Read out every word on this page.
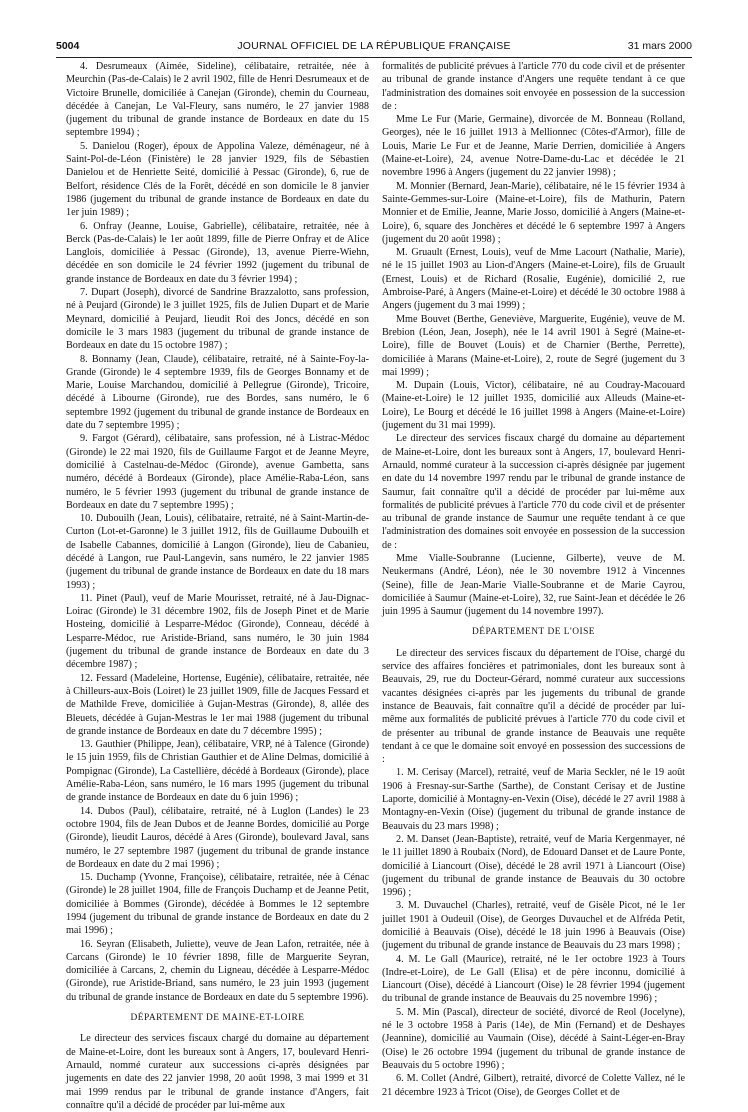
5004	JOURNAL OFFICIEL DE LA RÉPUBLIQUE FRANÇAISE	31 mars 2000

4. Desrumeaux (Aimée, Sideline), célibataire, retraitée, née à Meurchin (Pas-de-Calais) le 2 avril 1902, fille de Henri Desrumeaux et de Victoire Brunelle, domiciliée à Canejan (Gironde), chemin du Courneau, décédée à Canejan, Le Val-Fleury, sans numéro, le 27 janvier 1988 (jugement du tribunal de grande instance de Bordeaux en date du 15 septembre 1994) ;

5. Danielou (Roger), époux de Appolina Valeze, déménageur, né à Saint-Pol-de-Léon (Finistère) le 28 janvier 1929, fils de Sébastien Danielou et de Henriette Seité, domicilié à Pessac (Gironde), 6, rue de Belfort, résidence Clés de la Forêt, décédé en son domicile le 8 janvier 1986 (jugement du tribunal de grande instance de Bordeaux en date du 1er juin 1989) ;

6. Onfray (Jeanne, Louise, Gabrielle), célibataire, retraitée, née à Berck (Pas-de-Calais) le 1er août 1899, fille de Pierre Onfray et de Alice Langlois, domiciliée à Pessac (Gironde), 13, avenue Pierre-Wiehn, décédée en son domicile le 24 février 1992 (jugement du tribunal de grande instance de Bordeaux en date du 3 février 1994) ;

7. Dupart (Joseph), divorcé de Sandrine Brazzalotto, sans profession, né à Peujard (Gironde) le 3 juillet 1925, fils de Julien Dupart et de Marie Meynard, domicilié à Peujard, lieudit Roi des Joncs, décédé en son domicile le 3 mars 1983 (jugement du tribunal de grande instance de Bordeaux en date du 15 octobre 1987) ;

8. Bonnamy (Jean, Claude), célibataire, retraité, né à Sainte-Foy-la-Grande (Gironde) le 4 septembre 1939, fils de Georges Bonnamy et de Marie, Louise Marchandou, domicilié à Pellegrue (Gironde), Tricoire, décédé à Libourne (Gironde), rue des Bordes, sans numéro, le 6 septembre 1992 (jugement du tribunal de grande instance de Bordeaux en date du 7 septembre 1995) ;

9. Fargot (Gérard), célibataire, sans profession, né à Listrac-Médoc (Gironde) le 22 mai 1920, fils de Guillaume Fargot et de Jeanne Meyre, domicilié à Castelnau-de-Médoc (Gironde), avenue Gambetta, sans numéro, décédé à Bordeaux (Gironde), place Amélie-Raba-Léon, sans numéro, le 5 février 1993 (jugement du tribunal de grande instance de Bordeaux en date du 7 septembre 1995) ;

10. Dubouilh (Jean, Louis), célibataire, retraité, né à Saint-Martin-de-Curton (Lot-et-Garonne) le 3 juillet 1912, fils de Guillaume Dubouilh et de Isabelle Cabannes, domicilié à Langon (Gironde), lieu de Cabanieu, décédé à Langon, rue Paul-Langevin, sans numéro, le 22 janvier 1985 (jugement du tribunal de grande instance de Bordeaux en date du 18 mars 1993) ;

11. Pinet (Paul), veuf de Marie Mourisset, retraité, né à Jau-Dignac-Loirac (Gironde) le 31 décembre 1902, fils de Joseph Pinet et de Marie Hosteing, domicilié à Lesparre-Médoc (Gironde), Conneau, décédé à Lesparre-Médoc, rue Aristide-Briand, sans numéro, le 30 juin 1984 (jugement du tribunal de grande instance de Bordeaux en date du 3 décembre 1987) ;

12. Fessard (Madeleine, Hortense, Eugénie), célibataire, retraitée, née à Chilleurs-aux-Bois (Loiret) le 23 juillet 1909, fille de Jacques Fessard et de Mathilde Freve, domiciliée à Gujan-Mestras (Gironde), 8, allée des Bleuets, décédée à Gujan-Mestras le 1er mai 1988 (jugement du tribunal de grande instance de Bordeaux en date du 7 décembre 1995) ;

13. Gauthier (Philippe, Jean), célibataire, VRP, né à Talence (Gironde) le 15 juin 1959, fils de Christian Gauthier et de Aline Delmas, domicilié à Pompignac (Gironde), La Castellière, décédé à Bordeaux (Gironde), place Amélie-Raba-Léon, sans numéro, le 16 mars 1995 (jugement du tribunal de grande instance de Bordeaux en date du 6 juin 1996) ;

14. Dubos (Paul), célibataire, retraité, né à Luglon (Landes) le 23 octobre 1904, fils de Jean Dubos et de Jeanne Bordes, domicilié au Porge (Gironde), lieudit Lauros, décédé à Ares (Gironde), boulevard Javal, sans numéro, le 27 septembre 1987 (jugement du tribunal de grande instance de Bordeaux en date du 2 mai 1996) ;

15. Duchamp (Yvonne, Françoise), célibataire, retraitée, née à Cénac (Gironde) le 28 juillet 1904, fille de François Duchamp et de Jeanne Petit, domiciliée à Bommes (Gironde), décédée à Bommes le 12 septembre 1994 (jugement du tribunal de grande instance de Bordeaux en date du 2 mai 1996) ;

16. Seyran (Elisabeth, Juliette), veuve de Jean Lafon, retraitée, née à Carcans (Gironde) le 10 février 1898, fille de Marguerite Seyran, domiciliée à Carcans, 2, chemin du Ligneau, décédée à Lesparre-Médoc (Gironde), rue Aristide-Briand, sans numéro, le 23 juin 1993 (jugement du tribunal de grande instance de Bordeaux en date du 5 septembre 1996).

DÉPARTEMENT DE MAINE-ET-LOIRE

Le directeur des services fiscaux chargé du domaine au département de Maine-et-Loire, dont les bureaux sont à Angers, 17, boulevard Henri-Arnauld, nommé curateur aux successions ci-après désignées par jugements en date des 22 janvier 1998, 20 août 1998, 3 mai 1999 et 31 mai 1999 rendus par le tribunal de grande instance d'Angers, fait connaître qu'il a décidé de procéder par lui-même aux

formalités de publicité prévues à l'article 770 du code civil et de présenter au tribunal de grande instance d'Angers une requête tendant à ce que l'administration des domaines soit envoyée en possession de la succession de :

Mme Le Fur (Marie, Germaine), divorcée de M. Bonneau (Rolland, Georges), née le 16 juillet 1913 à Mellionnec (Côtes-d'Armor), fille de Louis, Marie Le Fur et de Jeanne, Marie Derrien, domiciliée à Angers (Maine-et-Loire), 24, avenue Notre-Dame-du-Lac et décédée le 21 novembre 1996 à Angers (jugement du 22 janvier 1998) ;

M. Monnier (Bernard, Jean-Marie), célibataire, né le 15 février 1934 à Sainte-Gemmes-sur-Loire (Maine-et-Loire), fils de Mathurin, Patern Monnier et de Emilie, Jeanne, Marie Josso, domicilié à Angers (Maine-et-Loire), 6, square des Jonchères et décédé le 6 septembre 1997 à Angers (jugement du 20 août 1998) ;

M. Gruault (Ernest, Louis), veuf de Mme Lacourt (Nathalie, Marie), né le 15 juillet 1903 au Lion-d'Angers (Maine-et-Loire), fils de Gruault (Ernest, Louis) et de Richard (Rosalie, Eugénie), domicilié 2, rue Ambroise-Paré, à Angers (Maine-et-Loire) et décédé le 30 octobre 1988 à Angers (jugement du 3 mai 1999) ;

Mme Bouvet (Berthe, Geneviève, Marguerite, Eugénie), veuve de M. Brebion (Léon, Jean, Joseph), née le 14 avril 1901 à Segré (Maine-et-Loire), fille de Bouvet (Louis) et de Charnier (Berthe, Perrette), domiciliée à Marans (Maine-et-Loire), 2, route de Segré (jugement du 3 mai 1999) ;

M. Dupain (Louis, Victor), célibataire, né au Coudray-Macouard (Maine-et-Loire) le 12 juillet 1935, domicilié aux Alleuds (Maine-et-Loire), Le Bourg et décédé le 16 juillet 1998 à Angers (Maine-et-Loire) (jugement du 31 mai 1999).

Le directeur des services fiscaux chargé du domaine au département de Maine-et-Loire, dont les bureaux sont à Angers, 17, boulevard Henri-Arnauld, nommé curateur à la succession ci-après désignée par jugement en date du 14 novembre 1997 rendu par le tribunal de grande instance de Saumur, fait connaître qu'il a décidé de procéder par lui-même aux formalités de publicité prévues à l'article 770 du code civil et de présenter au tribunal de grande instance de Saumur une requête tendant à ce que l'administration des domaines soit envoyée en possession de la succession de :

Mme Vialle-Soubranne (Lucienne, Gilberte), veuve de M. Neukermans (André, Léon), née le 30 novembre 1912 à Vincennes (Seine), fille de Jean-Marie Vialle-Soubranne et de Marie Cayrou, domiciliée à Saumur (Maine-et-Loire), 32, rue Saint-Jean et décédée le 26 juin 1995 à Saumur (jugement du 14 novembre 1997).

DÉPARTEMENT DE L'OISE

Le directeur des services fiscaux du département de l'Oise, chargé du service des affaires foncières et patrimoniales, dont les bureaux sont à Beauvais, 29, rue du Docteur-Gérard, nommé curateur aux successions vacantes désignées ci-après par les jugements du tribunal de grande instance de Beauvais, fait connaître qu'il a décidé de procéder par lui-même aux formalités de publicité prévues à l'article 770 du code civil et de présenter au tribunal de grande instance de Beauvais une requête tendant à ce que le domaine soit envoyé en possession des successions de :

1. M. Cerisay (Marcel), retraité, veuf de Maria Seckler, né le 19 août 1906 à Fresnay-sur-Sarthe (Sarthe), de Constant Cerisay et de Justine Laporte, domicilié à Montagny-en-Vexin (Oise), décédé le 27 avril 1988 à Montagny-en-Vexin (Oise) (jugement du tribunal de grande instance de Beauvais du 23 mars 1998) ;

2. M. Danset (Jean-Baptiste), retraité, veuf de Maria Kergenmayer, né le 11 juillet 1890 à Roubaix (Nord), de Edouard Danset et de Laure Ponte, domicilié à Liancourt (Oise), décédé le 28 avril 1971 à Liancourt (Oise) (jugement du tribunal de grande instance de Beauvais du 30 octobre 1996) ;

3. M. Duvauchel (Charles), retraité, veuf de Gisèle Picot, né le 1er juillet 1901 à Oudeuil (Oise), de Georges Duvauchel et de Alfréda Petit, domicilié à Beauvais (Oise), décédé le 18 juin 1996 à Beauvais (Oise) (jugement du tribunal de grande instance de Beauvais du 23 mars 1998) ;

4. M. Le Gall (Maurice), retraité, né le 1er octobre 1923 à Tours (Indre-et-Loire), de Le Gall (Elisa) et de père inconnu, domicilié à Liancourt (Oise), décédé à Liancourt (Oise) le 28 février 1994 (jugement du tribunal de grande instance de Beauvais du 25 novembre 1996) ;

5. M. Min (Pascal), directeur de société, divorcé de Reol (Jocelyne), né le 3 octobre 1958 à Paris (14e), de Min (Fernand) et de Deshayes (Jeannine), domicilié au Vaumain (Oise), décédé à Saint-Léger-en-Bray (Oise) le 26 octobre 1994 (jugement du tribunal de grande instance de Beauvais du 5 octobre 1996) ;

6. M. Collet (André, Gilbert), retraité, divorcé de Colette Vallez, né le 21 décembre 1923 à Tricot (Oise), de Georges Collet et de
